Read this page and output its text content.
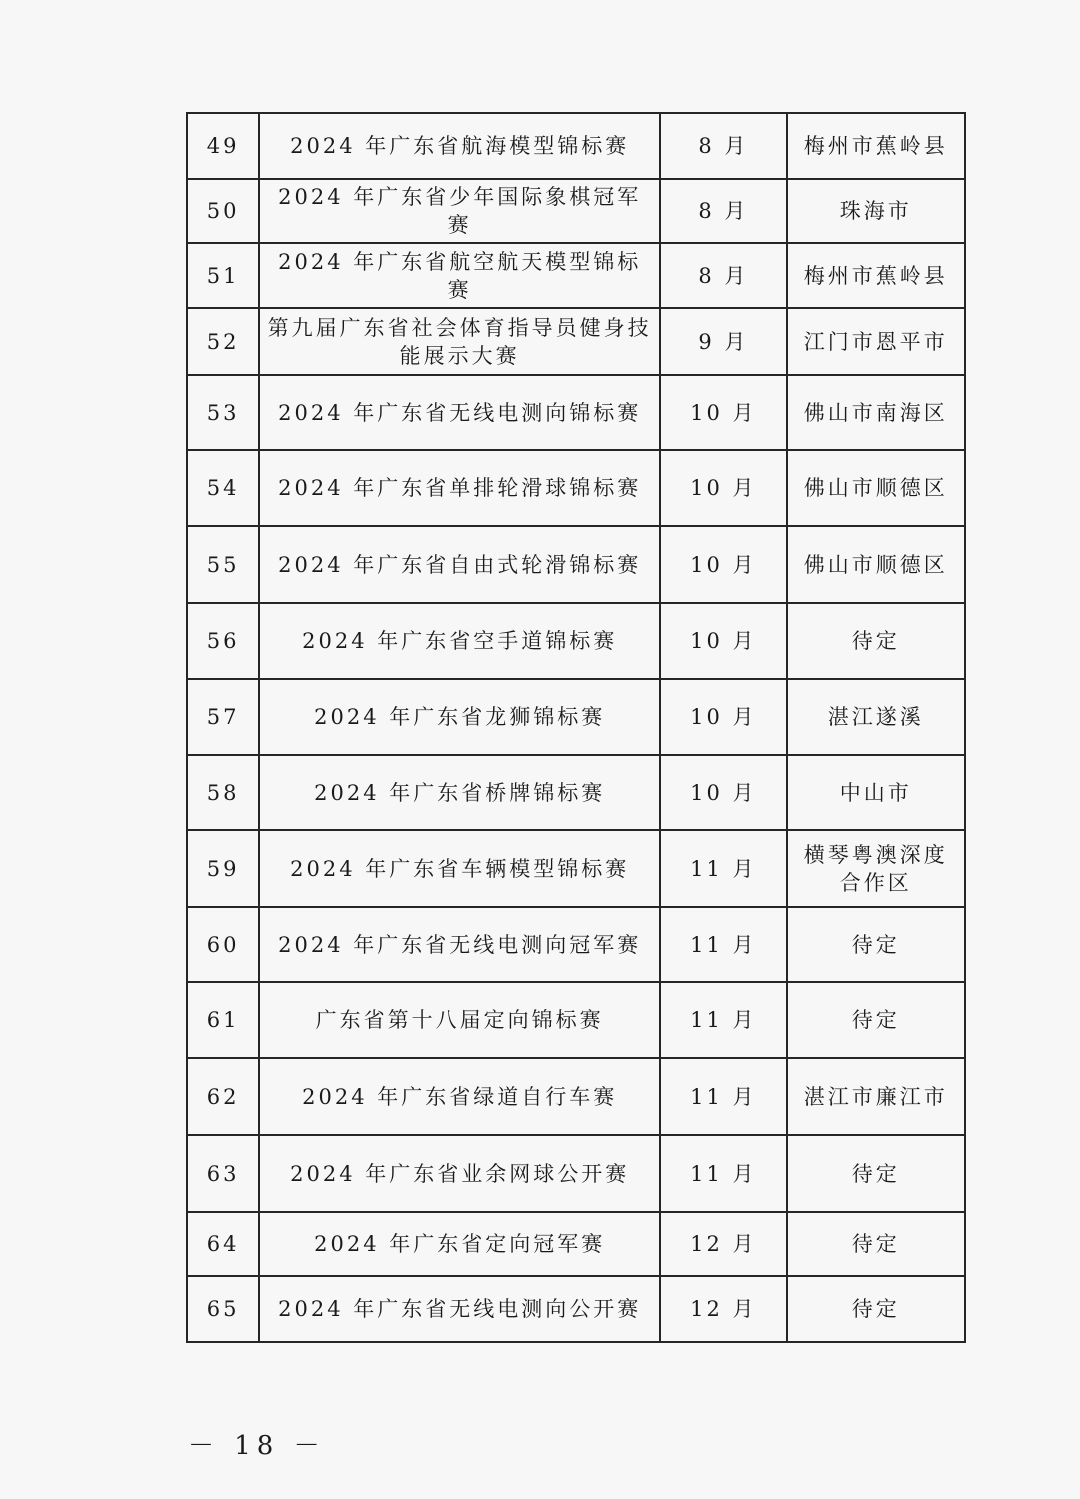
49	2024 年广东省航海模型锦标赛	8 月	梅州市蕉岭县
50	2024 年广东省少年国际象棋冠军赛	8 月	珠海市
51	2024 年广东省航空航天模型锦标赛	8 月	梅州市蕉岭县
52	第九届广东省社会体育指导员健身技能展示大赛	9 月	江门市恩平市
53	2024 年广东省无线电测向锦标赛	10 月	佛山市南海区
54	2024 年广东省单排轮滑球锦标赛	10 月	佛山市顺德区
55	2024 年广东省自由式轮滑锦标赛	10 月	佛山市顺德区
56	2024 年广东省空手道锦标赛	10 月	待定
57	2024 年广东省龙狮锦标赛	10 月	湛江遂溪
58	2024 年广东省桥牌锦标赛	10 月	中山市
59	2024 年广东省车辆模型锦标赛	11 月	横琴粤澳深度合作区
60	2024 年广东省无线电测向冠军赛	11 月	待定
61	广东省第十八届定向锦标赛	11 月	待定
62	2024 年广东省绿道自行车赛	11 月	湛江市廉江市
63	2024 年广东省业余网球公开赛	11 月	待定
64	2024 年广东省定向冠军赛	12 月	待定
65	2024 年广东省无线电测向公开赛	12 月	待定
－ 18 －
